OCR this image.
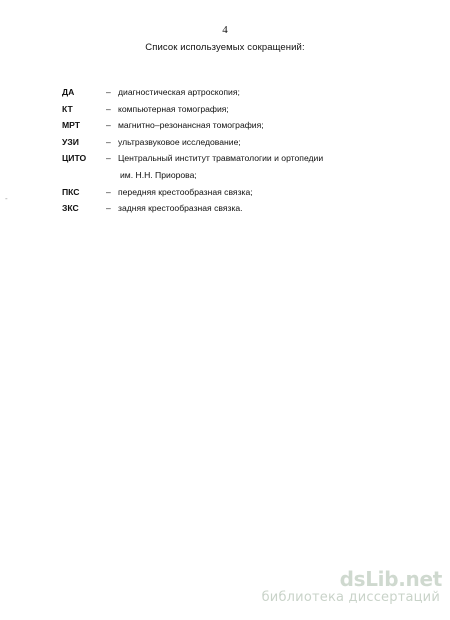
4
Список используемых сокращений:
ДА	– диагностическая артроскопия;
КТ	– компьютерная томография;
МРТ	– магнитно–резонансная томография;
УЗИ	– ультразвуковое исследование;
ЦИТО	– Центральный институт травматологии и ортопедии
им. Н.Н. Приорова;
ПКС	– передняя крестообразная связка;
ЗКС	– задняя крестообразная связка.
-
dsLib.net
библиотека диссертаций
